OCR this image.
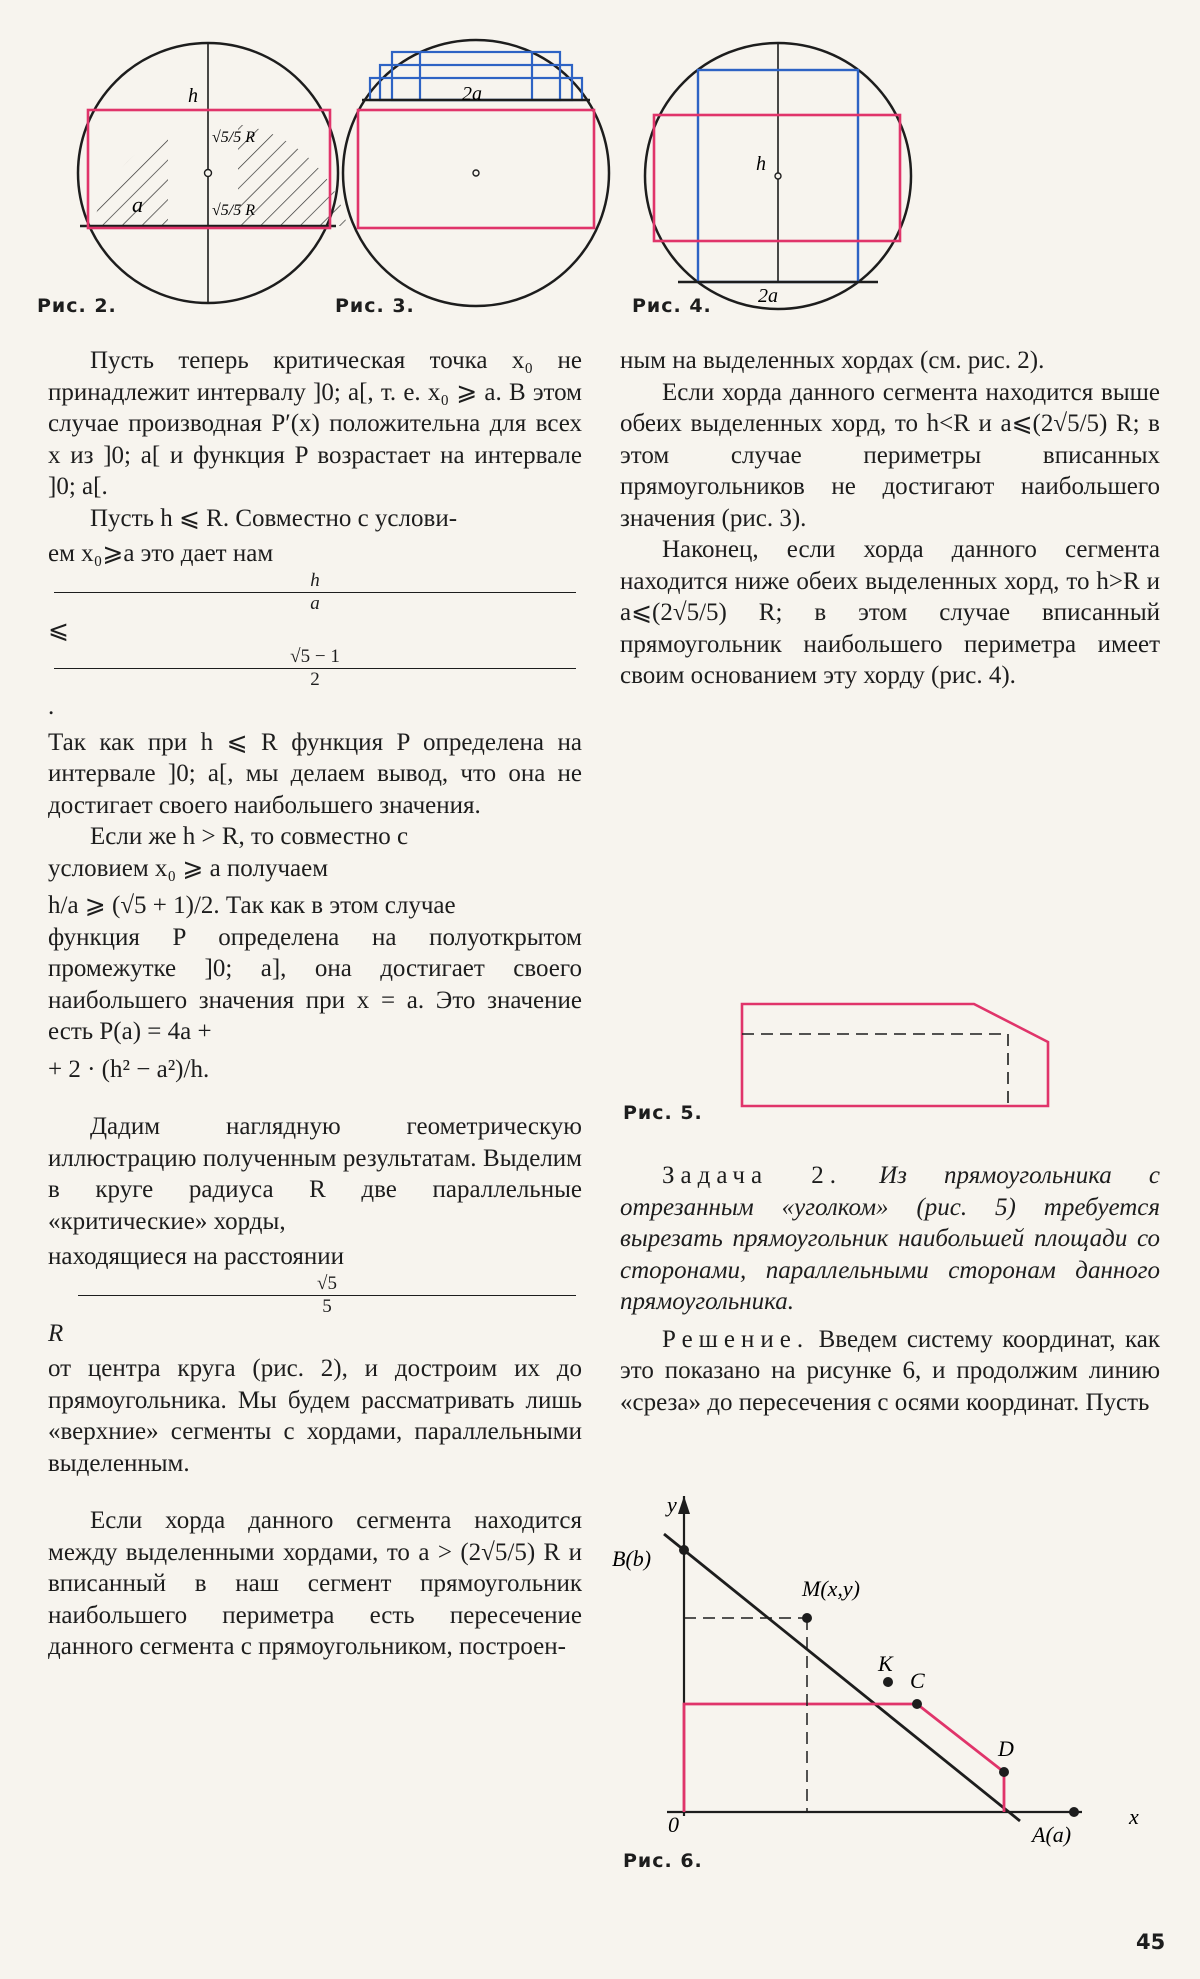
h
a
√5/5 R
√5/5 R
Рис. 2.
2a
Рис. 3.
h
2a
Рис. 4.
Пусть теперь критическая точка x₀ не принадлежит интервалу ]0; a[, т. е. x₀ ⩾ a. В этом случае производная P′(x) положительна для всех x из ]0; a[ и функция P возрастает на интервале ]0; a[.
Пусть h ⩽ R. Совместно с услови-
ем x₀⩾a это дает нам
h
a
⩽
√5 − 1
2
.
Так как при h ⩽ R функция P определена на интервале ]0; a[, мы делаем вывод, что она не достигает своего наибольшего значения.
Если же h > R, то совместно с
условием x₀ ⩾ a получаем
h/a ⩾ (√5 + 1)/2. Так как в этом случае
функция P определена на полуоткрытом промежутке ]0; a], она достигает своего наибольшего значения при x = a. Это значение есть P(a) = 4a +
+ 2 · (h² − a²)/h.
Дадим наглядную геометрическую иллюстрацию полученным результатам. Выделим в круге радиуса R две параллельные «критические» хорды,
находящиеся на расстоянии
√5
5
R
от центра круга (рис. 2), и достроим их до прямоугольника. Мы будем рассматривать лишь «верхние» сегменты с хордами, параллельными выделенным.
Если хорда данного сегмента находится между выделенными хордами, то a > (2√5/5) R и вписанный в наш сегмент прямоугольник наибольшего периметра есть пересечение данного сегмента с прямоугольником, построен-
ным на выделенных хордах (см. рис. 2).
Если хорда данного сегмента находится выше обеих выделенных хорд, то h<R и a⩽(2√5/5) R; в этом случае периметры вписанных прямоугольников не достигают наибольшего значения (рис. 3).
Наконец, если хорда данного сегмента находится ниже обеих выделенных хорд, то h>R и a⩽(2√5/5) R; в этом случае вписанный прямоугольник наибольшего периметра имеет своим основанием эту хорду (рис. 4).
Рис. 5.
Задача 2. Из прямоугольника с отрезанным «уголком» (рис. 5) требуется вырезать прямоугольник наибольшей площади со сторонами, параллельными сторонам данного прямоугольника.
Решение. Введем систему координат, как это показано на рисунке 6, и продолжим линию «среза» до пересечения с осями координат. Пусть
y
x
0
B(b)
M(x,y)
K
C
D
A(a)
Рис. 6.
45
